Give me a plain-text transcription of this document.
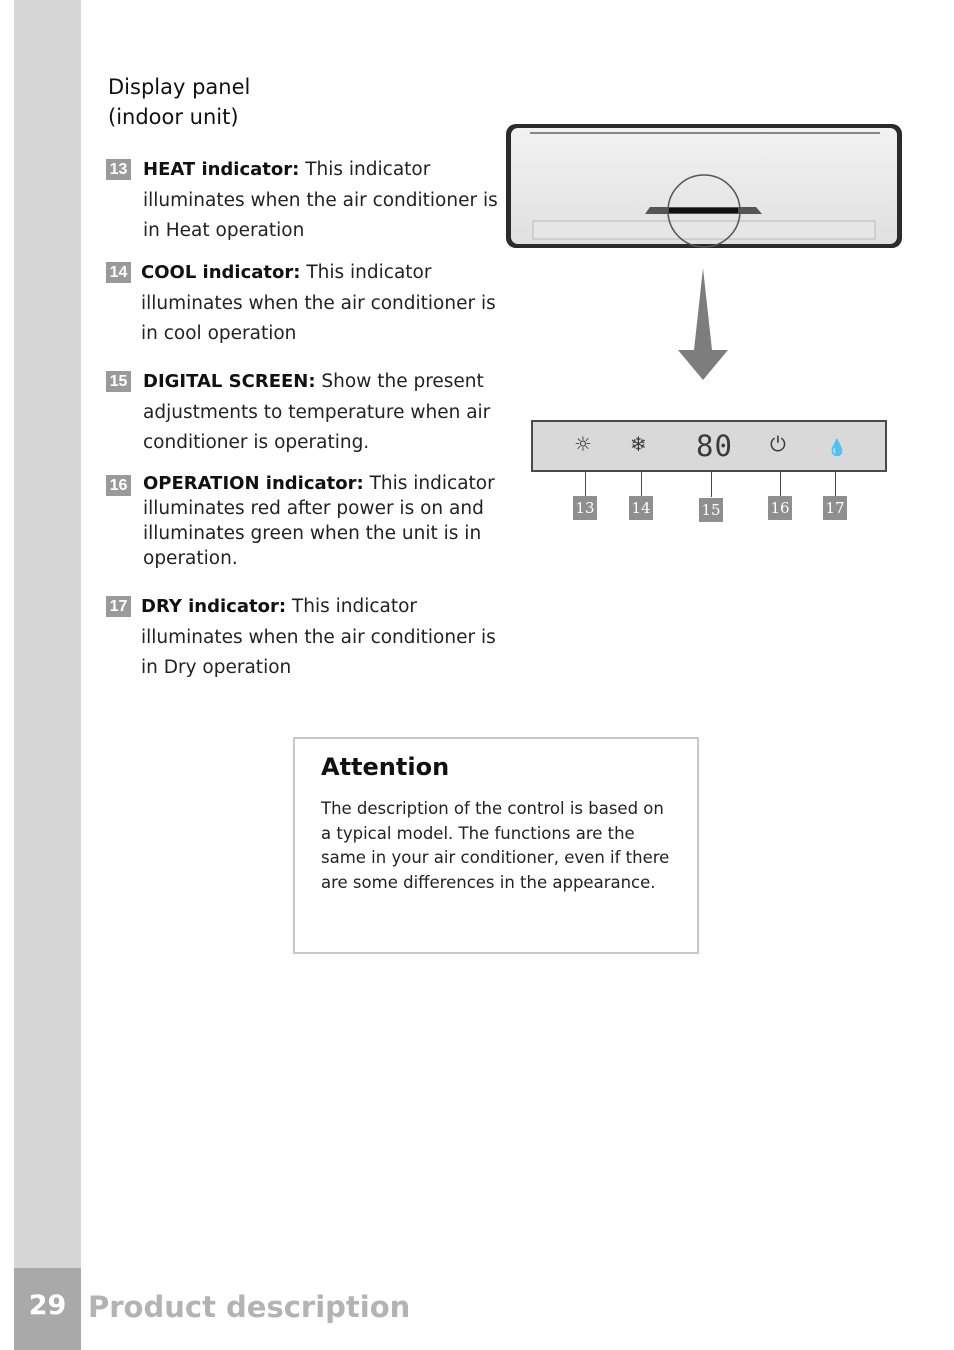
29 Product description
Display panel
(indoor unit)
13 HEAT indicator: This indicator illuminates when the air conditioner is in Heat operation
14 COOL indicator: This indicator illuminates when the air conditioner is in cool operation
15 DIGITAL SCREEN: Show the present adjustments to temperature when air conditioner is operating.
16 OPERATION indicator: This indicator illuminates red after power is on and illuminates green when the unit is in operation.
17 DRY indicator: This indicator illuminates when the air conditioner is in Dry operation
☼ ❄ 80 ⏻	💧
13 14	15	16 17
Attention
The description of the control is based on a typical model. The functions are the same in your air conditioner, even if there are some differences in the appearance.
